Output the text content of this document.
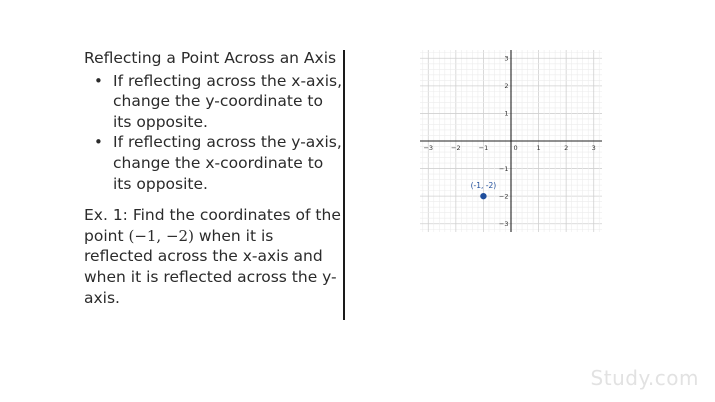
Reflecting a Point Across an Axis
• If reflecting across the x-axis, change the y-coordinate to its opposite.
• If reflecting across the y-axis, change the x-coordinate to its opposite.
Ex. 1: Find the coordinates of the point (−1, −2) when it is reflected across the x-axis and when it is reflected across the y-axis.
−3	−2	−1	1	2	3
3
2
1
−1
−2
−3
0
(-1, -2)
Study.com
